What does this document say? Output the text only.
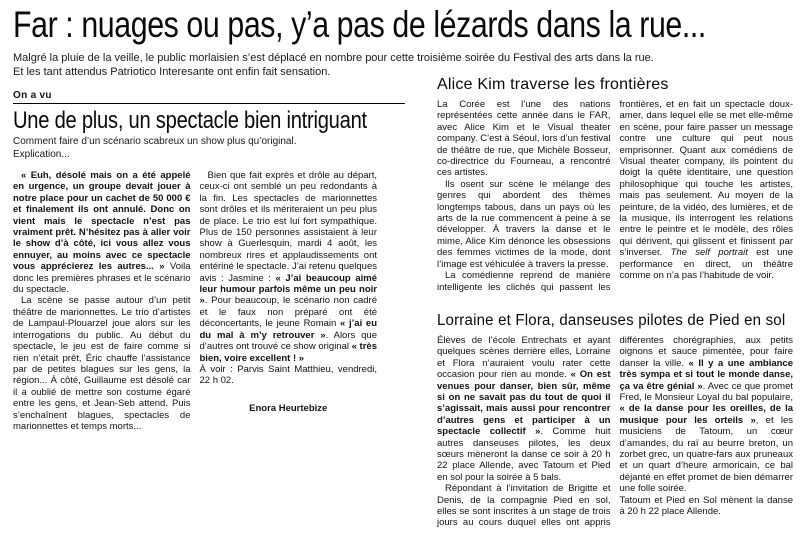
Far : nuages ou pas, y’a pas de lézards dans la rue...
Malgré la pluie de la veille, le public morlaisien s’est déplacé en nombre pour cette troisième soirée du Festival des arts dans la rue.
Et les tant attendus Patriotico Interesante ont enfin fait sensation.
On a vu
Une de plus, un spectacle bien intriguant
Comment faire d’un scénario scabreux un show plus qu’original.
Explication...

« Euh, désolé mais on a été appelé en urgence, un groupe devait jouer à notre place pour un cachet de 50 000 € et finalement ils ont annulé. Donc on vient mais le spectacle n’est pas vraiment prêt. N’hésitez pas à aller voir le show d’à côté, ici vous allez vous ennuyer, au moins avec ce spectacle vous apprécierez les autres... » Voila donc les premières phrases et le scénario du spectacle.

La scène se passe autour d’un petit théâtre de marionnettes. Le trio d’artistes de Lampaul-Plouarzel joue alors sur les interrogations du public. Au début du spectacle, le jeu est de faire comme si rien n’était prêt, Éric chauffe l’assistance par de petites blagues sur les gens, la région... À côté, Guillaume est désolé car il a oublié de mettre son costume égaré entre les gens, et Jean-Seb attend. Puis s’enchaînent blagues, spectacles de marionnettes et temps morts...

Bien que fait exprès et drôle au départ, ceux-ci ont semblé un peu redondants à la fin. Les spectacles de marionnettes sont drôles et ils mériteraient un peu plus de place. Le trio est lui fort sympathique. Plus de 150 personnes assistaient à leur show à Guerlesquin, mardi 4 août, les nombreux rires et applaudissements ont entériné le spectacle. J’ai retenu quelques avis : Jasmine : « J’ai beaucoup aimé leur humour parfois même un peu noir ». Pour beaucoup, le scénario non cadré et le faux non préparé ont été déconcertants, le jeune Romain « j’ai eu du mal à m’y retrouver ». Alors que d’autres ont trouvé ce show original « très bien, voire excellent ! »

À voir : Parvis Saint Matthieu, vendredi, 22 h 02.

Enora Heurtebize
Alice Kim traverse les frontières

La Corée est l’une des nations représentées cette année dans le FAR, avec Alice Kim et le Visual theater company. C’est à Séoul, lors d’un festival de théâtre de rue, que Michèle Bosseur, co-directrice du Fourneau, a rencontré ces artistes.

Ils osent sur scène le mélange des genres qui abordent des thèmes longtemps tabous, dans un pays où les arts de la rue commencent à peine à se développer. À travers la danse et le mime, Alice Kim dénonce les obsessions des femmes victimes de la mode, dont l’image est véhiculée à travers la presse.

La comédienne reprend de manière intelligente les clichés qui passent les frontières, et en fait un spectacle doux-amer, dans lequel elle se met elle-même en scène, pour faire passer un message contre une culture qui peut nous emprisonner. Quant aux comédiens de Visual theater company, ils pointent du doigt la quête identitaire, une question philosophique qui touche les artistes, mais pas seulement. Au moyen de la peinture, de la vidéo, des lumières, et de la musique, ils interrogent les relations entre le peintre et le modèle, des rôles qui dérivent, qui glissent et finissent par s’inverser. The self portrait est une performance en direct, un théâtre comme on n’a pas l’habitude de voir.

Lorraine et Flora, danseuses pilotes de Pied en sol

Élèves de l’école Entrechats et ayant quelques scènes derrière elles, Lorraine et Flora n’auraient voulu rater cette occasion pour rien au monde. « On est venues pour danser, bien sûr, même si on ne savait pas du tout de quoi il s’agissait, mais aussi pour rencontrer d’autres gens et participer à un spectacle collectif ». Comme huit autres danseuses pilotes, les deux sœurs mèneront la danse ce soir à 20 h 22 place Allende, avec Tatoum et Pied en sol pour la soirée à 5 bals.

Répondant à l’invitation de Brigitte et Denis, de la compagnie Pied en sol, elles se sont inscrites à un stage de trois jours au cours duquel elles ont appris différentes chorégraphies, aux petits oignons et sauce pimentée, pour faire danser la ville. « Il y a une ambiance très sympa et si tout le monde danse, ça va être génial ». Avec ce que promet Fred, le Monsieur Loyal du bal populaire, « de la danse pour les oreilles, de la musique pour les orteils », et les musiciens de Tatoum, un cœur d’amandes, du raï au beurre breton, un zorbet grec, un quatre-fars aux pruneaux et un quart d’heure armoricain, ce bal déjanté en effet promet de bien démarrer une folle soirée.

Tatoum et Pied en Sol mènent la danse à 20 h 22 place Allende.
